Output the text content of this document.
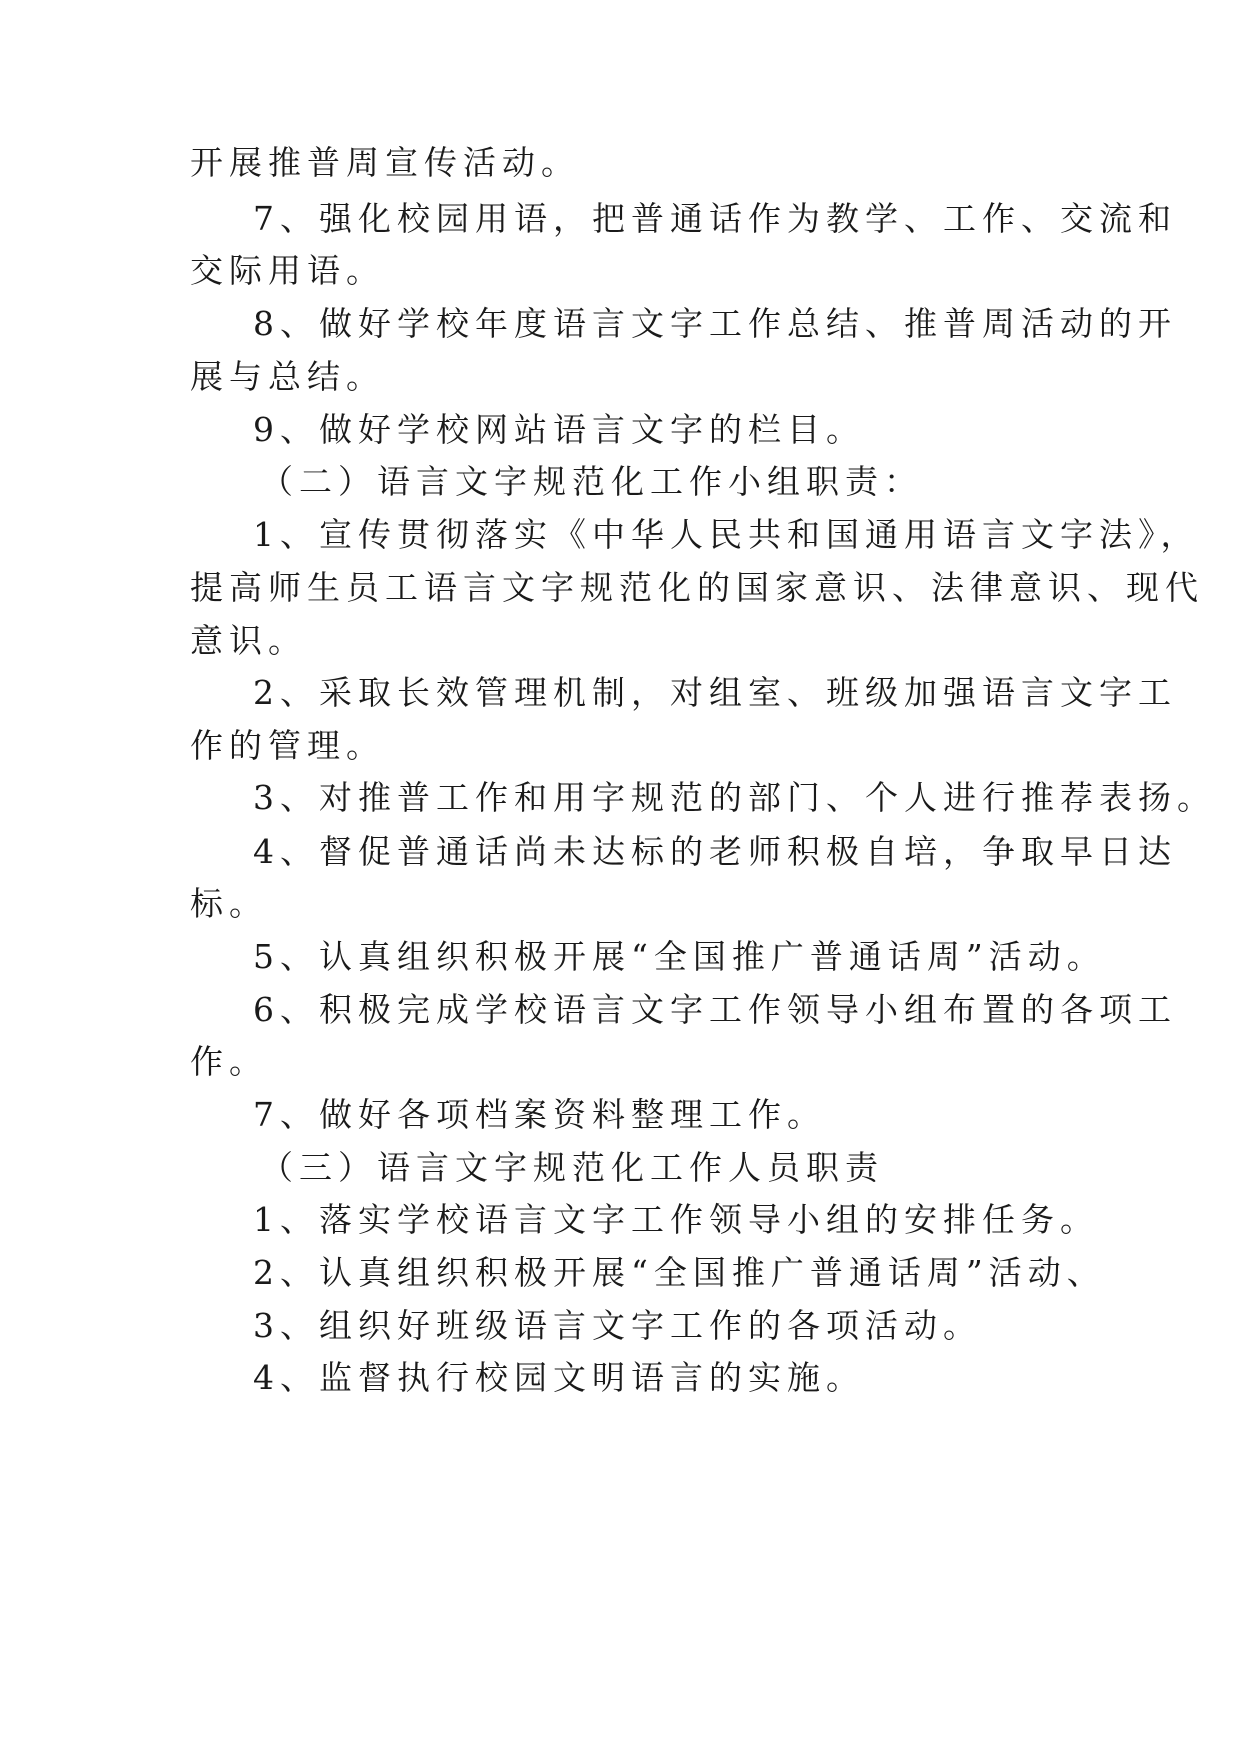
开展推普周宣传活动。
7、强化校园用语，把普通话作为教学、工作、交流和
交际用语。
8、做好学校年度语言文字工作总结、推普周活动的开
展与总结。
9、做好学校网站语言文字的栏目。
（二）语言文字规范化工作小组职责：
1、宣传贯彻落实《中华人民共和国通用语言文字法》，
提高师生员工语言文字规范化的国家意识、法律意识、现代
意识。
2、采取长效管理机制，对组室、班级加强语言文字工
作的管理。
3、对推普工作和用字规范的部门、个人进行推荐表扬。
4、督促普通话尚未达标的老师积极自培，争取早日达
标。
5、认真组织积极开展“全国推广普通话周”活动。
6、积极完成学校语言文字工作领导小组布置的各项工
作。
7、做好各项档案资料整理工作。
（三）语言文字规范化工作人员职责
1、落实学校语言文字工作领导小组的安排任务。
2、认真组织积极开展“全国推广普通话周”活动、
3、组织好班级语言文字工作的各项活动。
4、监督执行校园文明语言的实施。
